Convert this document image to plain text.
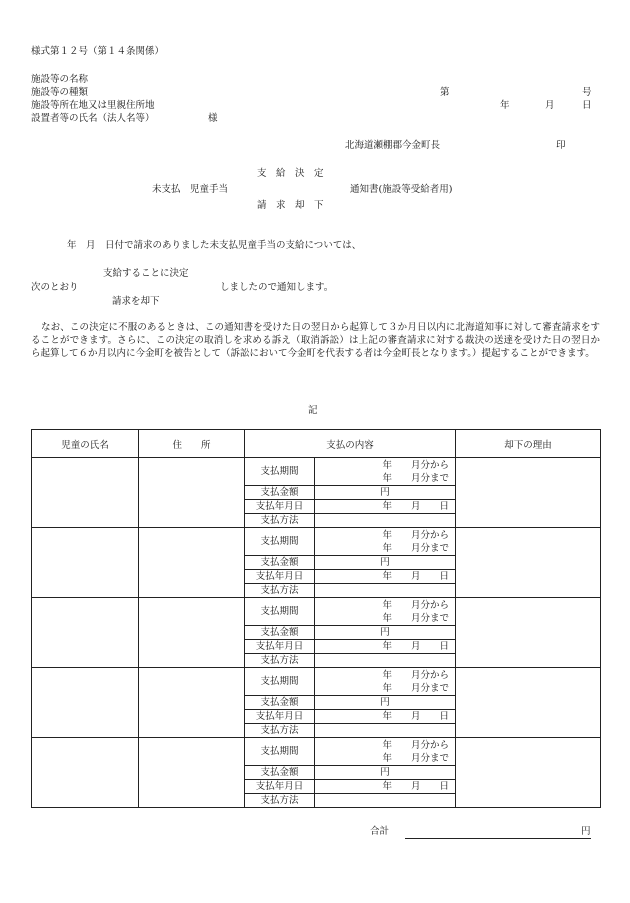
様式第１２号（第１４条関係）
施設等の名称
施設等の種類	第	号
施設等所在地又は里親住所地	年	月	日
設置者等の氏名（法人名等）	様
北海道瀬棚郡今金町長	印
支　給　決　定
未支払　児童手当	通知書(施設等受給者用)
請　求　却　下
年　月　日付で請求のありました未支払児童手当の支給については、
支給することに決定
次のとおり	しましたので通知します。
請求を却下
なお、この決定に不服のあるときは、この通知書を受けた日の翌日から起算して３か月日以内に北海道知事に対して審査請求をすることができます。さらに、この決定の取消しを求める訴え（取消訴訟）は上記の審査請求に対する裁決の送達を受けた日の翌日から起算して６か月以内に今金町を被告として（訴訟において今金町を代表する者は今金町長となります。）提起することができます。
記
児童の氏名	住　　所	支払の内容		却下の理由
		支払期間	年　　月分から
年　　月分まで	

		支払金額	円	
		支払年月日	年　　月　　日	
		支払方法		
		支払期間	年　　月分から
年　　月分まで	

		支払金額	円	
		支払年月日	年　　月　　日	
		支払方法		
		支払期間	年　　月分から
年　　月分まで	

		支払金額	円	
		支払年月日	年　　月　　日	
		支払方法		
		支払期間	年　　月分から
年　　月分まで	

		支払金額	円	
		支払年月日	年　　月　　日	
		支払方法		
		支払期間	年　　月分から
年　　月分まで	

		支払金額	円	
		支払年月日	年　　月　　日	
		支払方法		
合計	円
